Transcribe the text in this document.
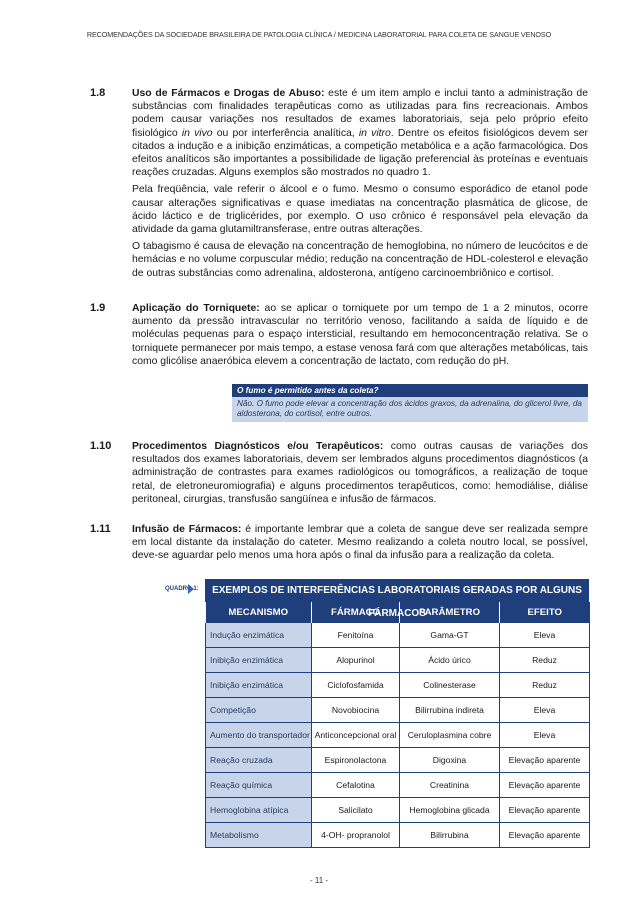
RECOMENDAÇÕES DA SOCIEDADE BRASILEIRA DE PATOLOGIA CLÍNICA / MEDICINA LABORATORIAL PARA COLETA DE SANGUE VENOSO
1.8	Uso de Fármacos e Drogas de Abuso: este é um item amplo e inclui tanto a administração de substâncias com finalidades terapêuticas como as utilizadas para fins recreacionais. Ambos podem causar variações nos resultados de exames laboratoriais, seja pelo próprio efeito fisiológico in vivo ou por interferência analítica, in vitro. Dentre os efeitos fisiológicos devem ser citados a indução e a inibição enzimáticas, a competição metabólica e a ação farmacológica. Dos efeitos analíticos são importantes a possibilidade de ligação preferencial às proteínas e eventuais reações cruzadas. Alguns exemplos são mostrados no quadro 1.

Pela freqüência, vale referir o álcool e o fumo. Mesmo o consumo esporádico de etanol pode causar alterações significativas e quase imediatas na concentração plasmática de glicose, de ácido láctico e de triglicérides, por exemplo. O uso crônico é responsável pela elevação da atividade da gama glutamiltransferase, entre outras alterações.

O tabagismo é causa de elevação na concentração de hemoglobina, no número de leucócitos e de hemácias e no volume corpuscular médio; redução na concentração de HDL-colesterol e elevação de outras substâncias como adrenalina, aldosterona, antígeno carcinoembriônico e cortisol.

1.9	Aplicação do Torniquete: ao se aplicar o torniquete por um tempo de 1 a 2 minutos, ocorre aumento da pressão intravascular no território venoso, facilitando a saída de líquido e de moléculas pequenas para o espaço intersticial, resultando em hemoconcentração relativa. Se o torniquete permanecer por mais tempo, a estase venosa fará com que alterações metabólicas, tais como glicólise anaeróbica elevem a concentração de lactato, com redução do pH.

O fumo é permitido antes da coleta?
Não. O fumo pode elevar a concentração dos ácidos graxos, da adrenalina, do glicerol livre, da aldosterona, do cortisol, entre outros.
1.10 Procedimentos Diagnósticos e/ou Terapêuticos: como outras causas de variações dos resultados dos exames laboratoriais, devem ser lembrados alguns procedimentos diagnósticos (a administração de contrastes para exames radiológicos ou tomográficos, a realização de toque retal, de eletroneuromiografia) e alguns procedimentos terapêuticos, como: hemodiálise, diálise peritoneal, cirurgias, transfusão sangüínea e infusão de fármacos.

1.11 Infusão de Fármacos: é importante lembrar que a coleta de sangue deve ser realizada sempre em local distante da instalação do cateter. Mesmo realizando a coleta noutro local, se possível, deve-se aguardar pelo menos uma hora após o final da infusão para a realização da coleta.

QUADRO 1:	EXEMPLOS DE INTERFERÊNCIAS LABORATORIAIS GERADAS POR ALGUNS FÁRMACOS
MECANISMO	FÁRMACO	PARÂMETRO	EFEITO
Indução enzimática	Fenitoína	Gama-GT	Eleva
Inibição enzimática	Alopurinol	Ácido úrico	Reduz
Inibição enzimática	Ciclofosfamida	Colinesterase	Reduz
Competição	Novobiocina	Bilirrubina indireta	Eleva
Aumento do transportador	Anticoncepcional oral	Ceruloplasmina cobre	Eleva
Reação cruzada	Espironolactona	Digoxina	Elevação aparente
Reação química	Cefalotina	Creatinina	Elevação aparente
Hemoglobina atípica	Salicilato	Hemoglobina glicada	Elevação aparente
Metabolismo	4-OH- propranolol	Bilirrubina	Elevação aparente
- 11 -
